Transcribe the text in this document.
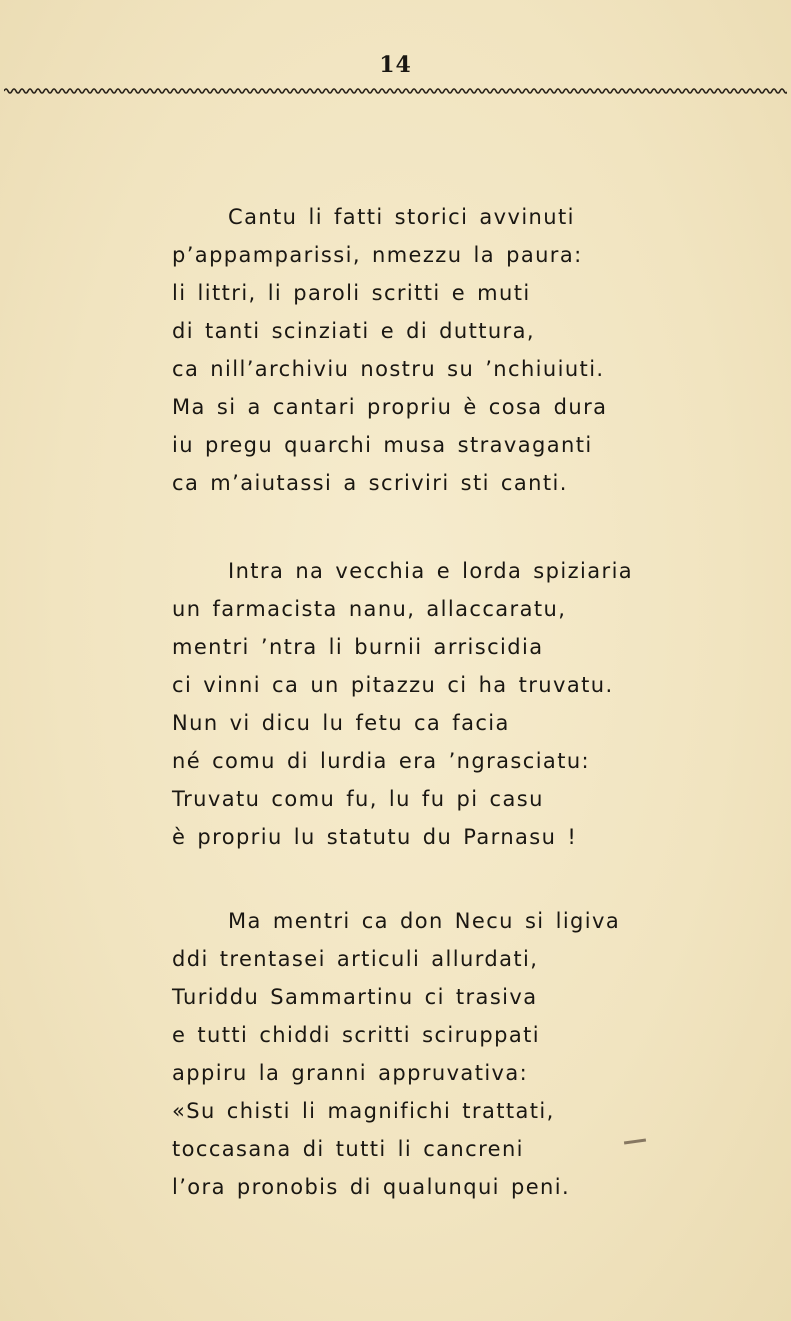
14
Cantu li fatti storici avvinuti
p’appamparissi, nmezzu la paura:
li littri, li paroli scritti e muti
di tanti scinziati e di duttura,
ca nill’archiviu nostru su ’nchiuiuti.
Ma si a cantari propriu è cosa dura
iu pregu quarchi musa stravaganti
ca m’aiutassi a scriviri sti canti.
Intra na vecchia e lorda spiziaria
un farmacista nanu, allaccaratu,
mentri ’ntra li burnii arriscidia
ci vinni ca un pitazzu ci ha truvatu.
Nun vi dicu lu fetu ca facia
né comu di lurdia era ’ngrasciatu:
Truvatu comu fu, lu fu pi casu
è propriu lu statutu du Parnasu !
Ma mentri ca don Necu si ligiva
ddi trentasei articuli allurdati,
Turiddu Sammartinu ci trasiva
e tutti chiddi scritti sciruppati
appiru la granni appruvativa:
«Su chisti li magnifichi trattati,
toccasana di tutti li cancreni
l’ora pronobis di qualunqui peni.
